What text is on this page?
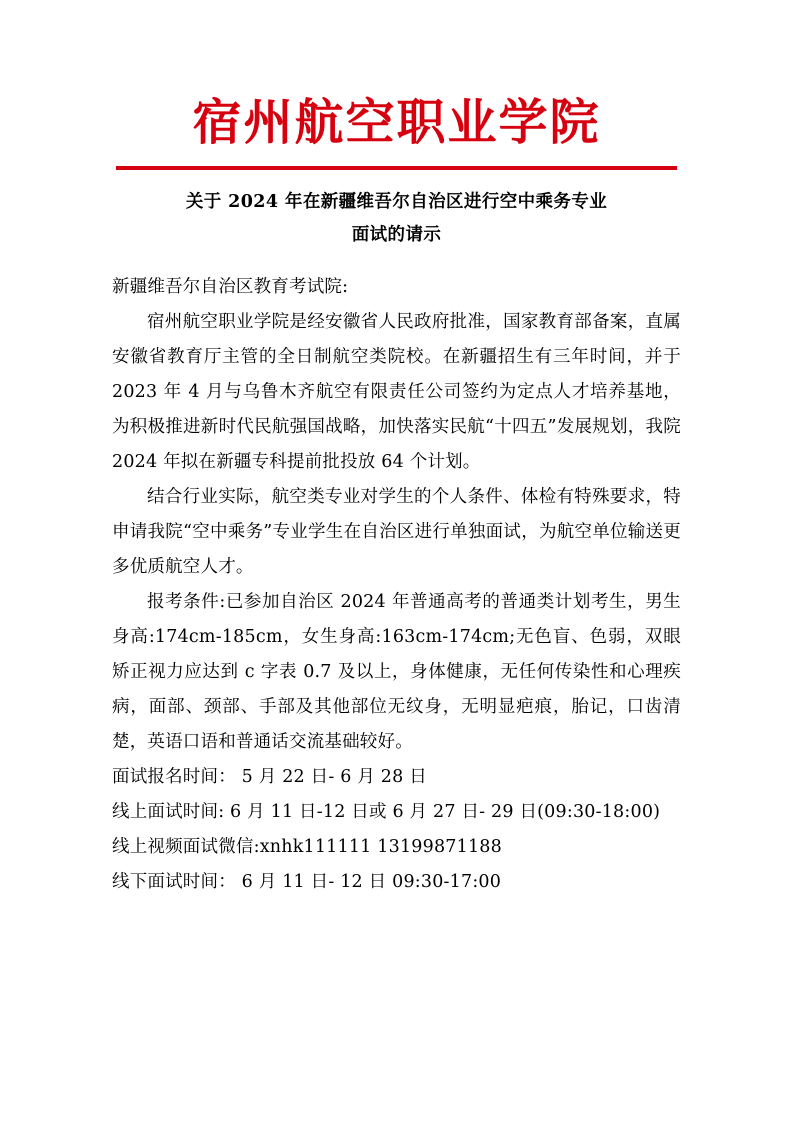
宿州航空职业学院
关于 2024 年在新疆维吾尔自治区进行空中乘务专业
面试的请示

新疆维吾尔自治区教育考试院:

宿州航空职业学院是经安徽省人民政府批准，国家教育部备案，直属安徽省教育厅主管的全日制航空类院校。在新疆招生有三年时间，并于 2023 年 4 月与乌鲁木齐航空有限责任公司签约为定点人才培养基地，为积极推进新时代民航强国战略，加快落实民航“十四五”发展规划，我院 2024 年拟在新疆专科提前批投放 64 个计划。

结合行业实际，航空类专业对学生的个人条件、体检有特殊要求，特申请我院“空中乘务”专业学生在自治区进行单独面试，为航空单位输送更多优质航空人才。

报考条件:已参加自治区 2024 年普通高考的普通类计划考生，男生身高:174cm-185cm，女生身高:163cm-174cm;无色盲、色弱，双眼矫正视力应达到 c 字表 0.7 及以上，身体健康，无任何传染性和心理疾病，面部、颈部、手部及其他部位无纹身，无明显疤痕，胎记，口齿清楚，英语口语和普通话交流基础较好。

面试报名时间： 5 月 22 日- 6 月 28 日

线上面试时间: 6 月 11 日-12 日或 6 月 27 日- 29 日(09:30-18:00)

线上视频面试微信:xnhk111111 13199871188

线下面试时间： 6 月 11 日- 12 日 09:30-17:00
